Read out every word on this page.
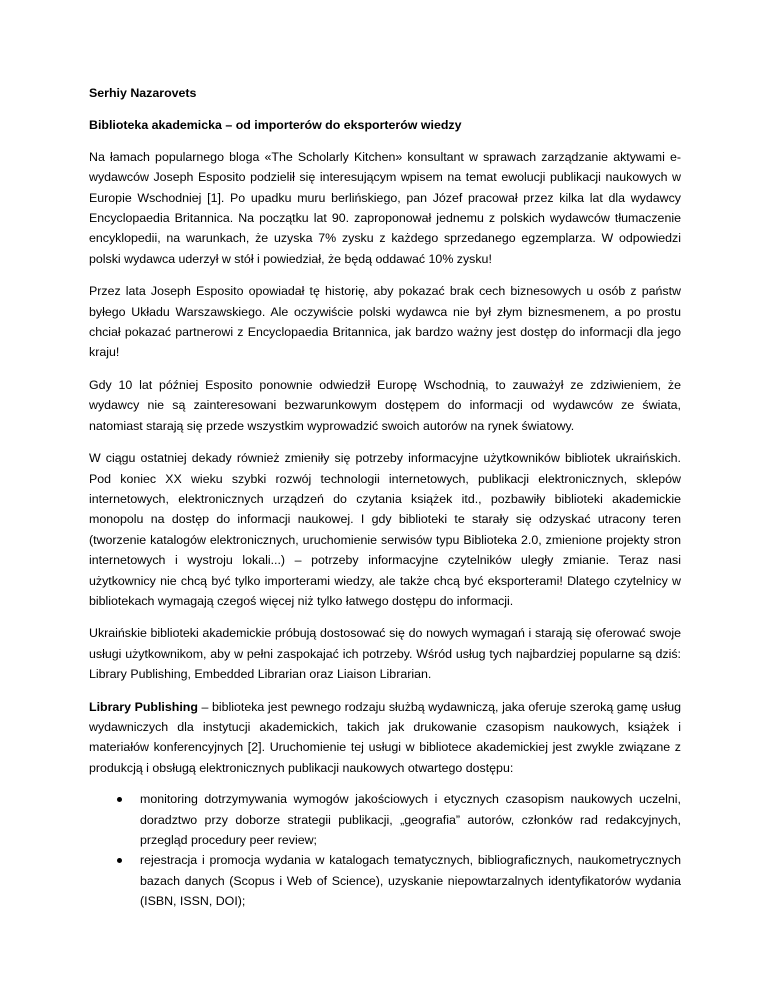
Serhiy Nazarovets

Biblioteka akademicka – od importerów do eksporterów wiedzy

Na łamach popularnego bloga «The Scholarly Kitchen» konsultant w sprawach zarządzanie aktywami e-wydawców Joseph Esposito podzielił się interesującym wpisem na temat ewolucji publikacji naukowych w Europie Wschodniej [1]. Po upadku muru berlińskiego, pan Józef pracował przez kilka lat dla wydawcy Encyclopaedia Britannica. Na początku lat 90. zaproponował jednemu z polskich wydawców tłumaczenie encyklopedii, na warunkach, że uzyska 7% zysku z każdego sprzedanego egzemplarza. W odpowiedzi polski wydawca uderzył w stół i powiedział, że będą oddawać 10% zysku!

Przez lata Joseph Esposito opowiadał tę historię, aby pokazać brak cech biznesowych u osób z państw byłego Układu Warszawskiego. Ale oczywiście polski wydawca nie był złym biznesmenem, a po prostu chciał pokazać partnerowi z Encyclopaedia Britannica, jak bardzo ważny jest dostęp do informacji dla jego kraju!

Gdy 10 lat później Esposito ponownie odwiedził Europę Wschodnią, to zauważył ze zdziwieniem, że wydawcy nie są zainteresowani bezwarunkowym dostępem do informacji od wydawców ze świata, natomiast starają się przede wszystkim wyprowadzić swoich autorów na rynek światowy.

W ciągu ostatniej dekady również zmieniły się potrzeby informacyjne użytkowników bibliotek ukraińskich. Pod koniec XX wieku szybki rozwój technologii internetowych, publikacji elektronicznych, sklepów internetowych, elektronicznych urządzeń do czytania książek itd., pozbawiły biblioteki akademickie monopolu na dostęp do informacji naukowej. I gdy biblioteki te starały się odzyskać utracony teren (tworzenie katalogów elektronicznych, uruchomienie serwisów typu Biblioteka 2.0, zmienione projekty stron internetowych i wystroju lokali...) – potrzeby informacyjne czytelników uległy zmianie. Teraz nasi użytkownicy nie chcą być tylko importerami wiedzy, ale także chcą być eksporterami! Dlatego czytelnicy w bibliotekach wymagają czegoś więcej niż tylko łatwego dostępu do informacji.

Ukraińskie biblioteki akademickie próbują dostosować się do nowych wymagań i starają się oferować swoje usługi użytkownikom, aby w pełni zaspokajać ich potrzeby. Wśród usług tych najbardziej popularne są dziś: Library Publishing, Embedded Librarian oraz Liaison Librarian.

Library Publishing – biblioteka jest pewnego rodzaju służbą wydawniczą, jaka oferuje szeroką gamę usług wydawniczych dla instytucji akademickich, takich jak drukowanie czasopism naukowych, książek i materiałów konferencyjnych [2]. Uruchomienie tej usługi w bibliotece akademickiej jest zwykle związane z produkcją i obsługą elektronicznych publikacji naukowych otwartego dostępu:

monitoring dotrzymywania wymogów jakościowych i etycznych czasopism naukowych uczelni, doradztwo przy doborze strategii publikacji, „geografia” autorów, członków rad redakcyjnych, przegląd procedury peer review;
rejestracja i promocja wydania w katalogach tematycznych, bibliograficznych, naukometrycznych bazach danych (Scopus i Web of Science), uzyskanie niepowtarzalnych identyfikatorów wydania (ISBN, ISSN, DOI);
